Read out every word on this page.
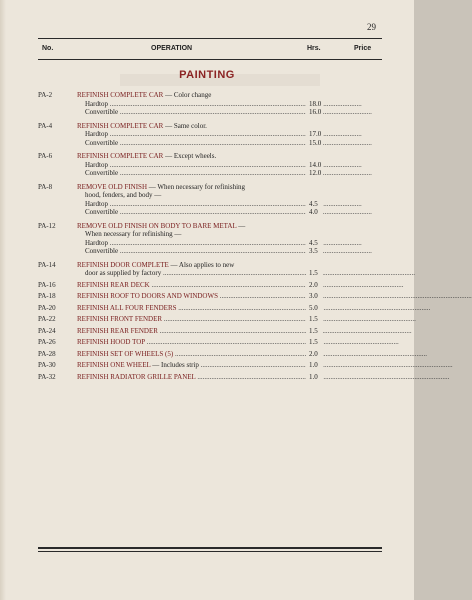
29
No.	OPERATION	Hrs.	Price
PAINTING
PA-2	REFINISH COMPLETE CAR — Color change
Hardtop .....	18.0
Convertible .....	16.0
PA-4	REFINISH COMPLETE CAR — Same color.
Hardtop .....	17.0
Convertible .....	15.0
PA-6	REFINISH COMPLETE CAR — Except wheels.
Hardtop .....	14.0
Convertible .....	12.0
PA-8	REMOVE OLD FINISH — When necessary for refinishing
hood, fenders, and body —
Hardtop .....	4.5
Convertible .....	4.0
PA-12	REMOVE OLD FINISH ON BODY TO BARE METAL —
When necessary for refinishing —
Hardtop .....	4.5
Convertible .....	3.5
PA-14	REFINISH DOOR COMPLETE — Also applies to new
door as supplied by factory .....	1.5
PA-16	REFINISH REAR DECK .....	2.0
PA-18	REFINISH ROOF TO DOORS AND WINDOWS .....	3.0
PA-20	REFINISH ALL FOUR FENDERS .....	5.0
PA-22	REFINISH FRONT FENDER .....	1.5
PA-24	REFINISH REAR FENDER .....	1.5
PA-26	REFINISH HOOD TOP .....	1.5
PA-28	REFINISH SET OF WHEELS (5) .....	2.0
PA-30	REFINISH ONE WHEEL — Includes strip .....	1.0
PA-32	REFINISH RADIATOR GRILLE PANEL .....	1.0
